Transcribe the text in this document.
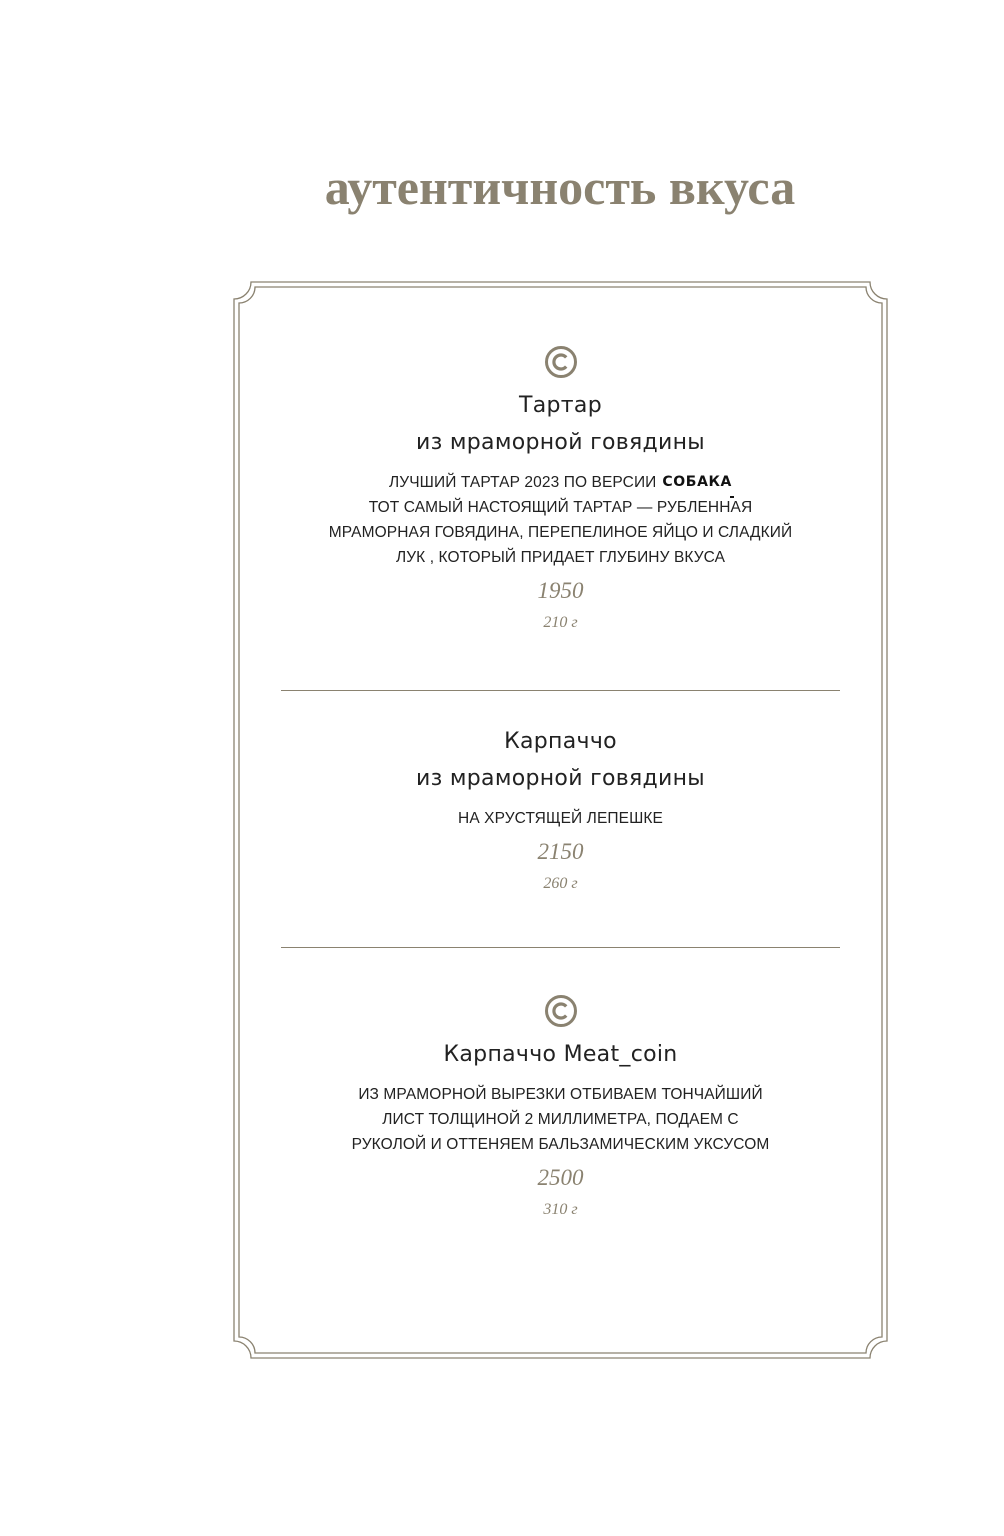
аутентичность вкуса

Тартар

из мраморной говядины

ЛУЧШИЙ ТАРТАР 2023 ПО ВЕРСИИ СОБАКА

ТОТ САМЫЙ НАСТОЯЩИЙ ТАРТАР — РУБЛЕННАЯ

МРАМОРНАЯ ГОВЯДИНА, ПЕРЕПЕЛИНОЕ ЯЙЦО И СЛАДКИЙ

ЛУК , КОТОРЫЙ ПРИДАЕТ ГЛУБИНУ ВКУСА

1950

210 г

Карпаччо

из мраморной говядины

НА ХРУСТЯЩЕЙ ЛЕПЕШКЕ

2150

260 г

Карпаччо Meat_coin

ИЗ МРАМОРНОЙ ВЫРЕЗКИ ОТБИВАЕМ ТОНЧАЙШИЙ

ЛИСТ ТОЛЩИНОЙ 2 МИЛЛИМЕТРА, ПОДАЕМ С

РУКОЛОЙ И ОТТЕНЯЕМ БАЛЬЗАМИЧЕСКИМ УКСУСОМ

2500

310 г
